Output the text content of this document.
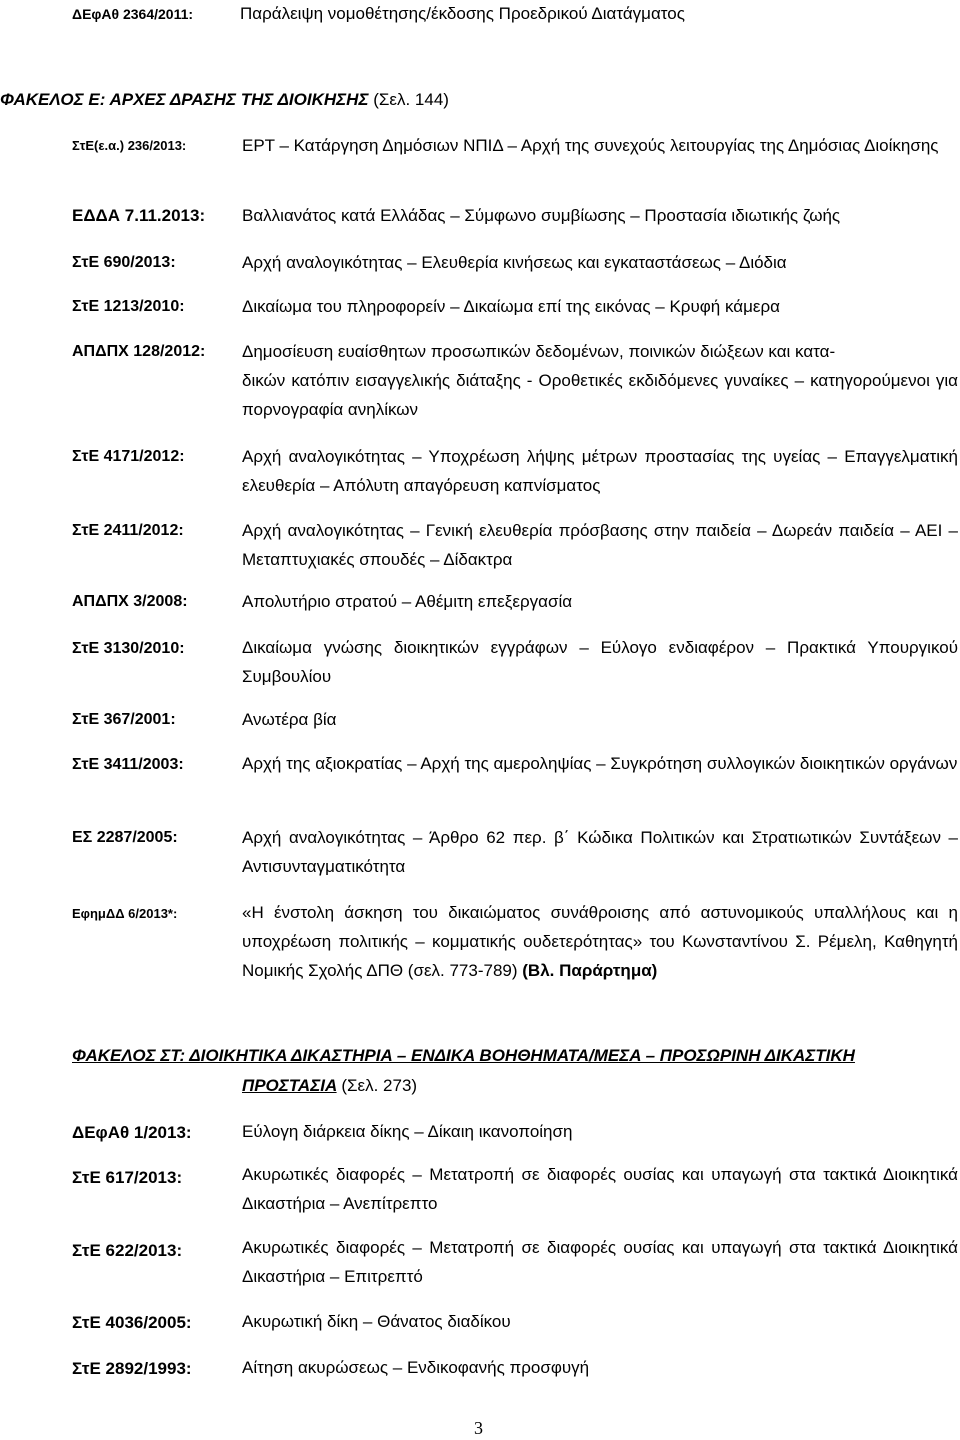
ΔΕφΑθ 2364/2011:	Παράλειψη νομοθέτησης/έκδοσης Προεδρικού Διατάγματος
ΦΑΚΕΛΟΣ Ε: ΑΡΧΕΣ ΔΡΑΣΗΣ ΤΗΣ ΔΙΟΙΚΗΣΗΣ (Σελ. 144)
ΣτΕ(ε.α.) 236/2013:	ΕΡΤ – Κατάργηση Δημόσιων ΝΠΙΔ – Αρχή της συνεχούς λειτουργίας της Δημόσιας Διοίκησης
ΕΔΔΑ 7.11.2013: Βαλλιανάτος κατά Ελλάδας – Σύμφωνο συμβίωσης – Προστασία ιδιωτικής ζωής
ΣτΕ 690/2013:	Αρχή αναλογικότητας – Ελευθερία κινήσεως και εγκαταστάσεως – Διόδια
ΣτΕ 1213/2010:	Δικαίωμα του πληροφορείν – Δικαίωμα επί της εικόνας – Κρυφή κάμερα
ΑΠΔΠΧ 128/2012: Δημοσίευση ευαίσθητων προσωπικών δεδομένων, ποινικών διώξεων και κατα-
δικών κατόπιν εισαγγελικής διάταξης - Οροθετικές εκδιδόμενες γυναίκες – κατηγορούμενοι για πορνογραφία ανηλίκων
ΣτΕ 4171/2012:	Αρχή αναλογικότητας – Υποχρέωση λήψης μέτρων προστασίας της υγείας – Επαγγελματική ελευθερία – Απόλυτη απαγόρευση καπνίσματος
ΣτΕ 2411/2012:	Αρχή αναλογικότητας – Γενική ελευθερία πρόσβασης στην παιδεία – Δωρεάν παιδεία – ΑΕΙ – Μεταπτυχιακές σπουδές – Δίδακτρα
ΑΠΔΠΧ 3/2008:	Απολυτήριο στρατού – Αθέμιτη επεξεργασία
ΣτΕ 3130/2010:	Δικαίωμα γνώσης διοικητικών εγγράφων – Εύλογο ενδιαφέρον – Πρακτικά Υπουργικού Συμβουλίου
ΣτΕ 367/2001:	Ανωτέρα βία
ΣτΕ 3411/2003:	Αρχή της αξιοκρατίας – Αρχή της αμεροληψίας – Συγκρότηση συλλογικών διοικητικών οργάνων
ΕΣ 2287/2005:	Αρχή αναλογικότητας – Άρθρο 62 περ. β΄ Κώδικα Πολιτικών και Στρατιωτικών Συντάξεων – Αντισυνταγματικότητα
ΕφημΔΔ 6/2013*:	«Η ένστολη άσκηση του δικαιώματος συνάθροισης από αστυνομικούς υπαλλήλους και η υποχρέωση πολιτικής – κομματικής ουδετερότητας» του Κωνσταντίνου Σ. Ρέμελη, Καθηγητή Νομικής Σχολής ΔΠΘ (σελ. 773-789) (Βλ. Παράρτημα)
ΦΑΚΕΛΟΣ ΣΤ: ΔΙΟΙΚΗΤΙΚΑ ΔΙΚΑΣΤΗΡΙΑ – ΕΝΔΙΚΑ ΒΟΗΘΗΜΑΤΑ/ΜΕΣΑ – ΠΡΟΣΩΡΙΝΗ ΔΙΚΑΣΤΙΚΗ
ΠΡΟΣΤΑΣΙΑ (Σελ. 273)
ΔΕφΑθ 1/2013:	Εύλογη διάρκεια δίκης – Δίκαιη ικανοποίηση
ΣτΕ 617/2013:	Ακυρωτικές διαφορές – Μετατροπή σε διαφορές ουσίας και υπαγωγή στα τακτικά Διοικητικά Δικαστήρια – Ανεπίτρεπτο
ΣτΕ 622/2013:	Ακυρωτικές διαφορές – Μετατροπή σε διαφορές ουσίας και υπαγωγή στα τακτικά Διοικητικά Δικαστήρια – Επιτρεπτό
ΣτΕ 4036/2005:	Ακυρωτική δίκη – Θάνατος διαδίκου
ΣτΕ 2892/1993:	Αίτηση ακυρώσεως – Ενδικοφανής προσφυγή
3
